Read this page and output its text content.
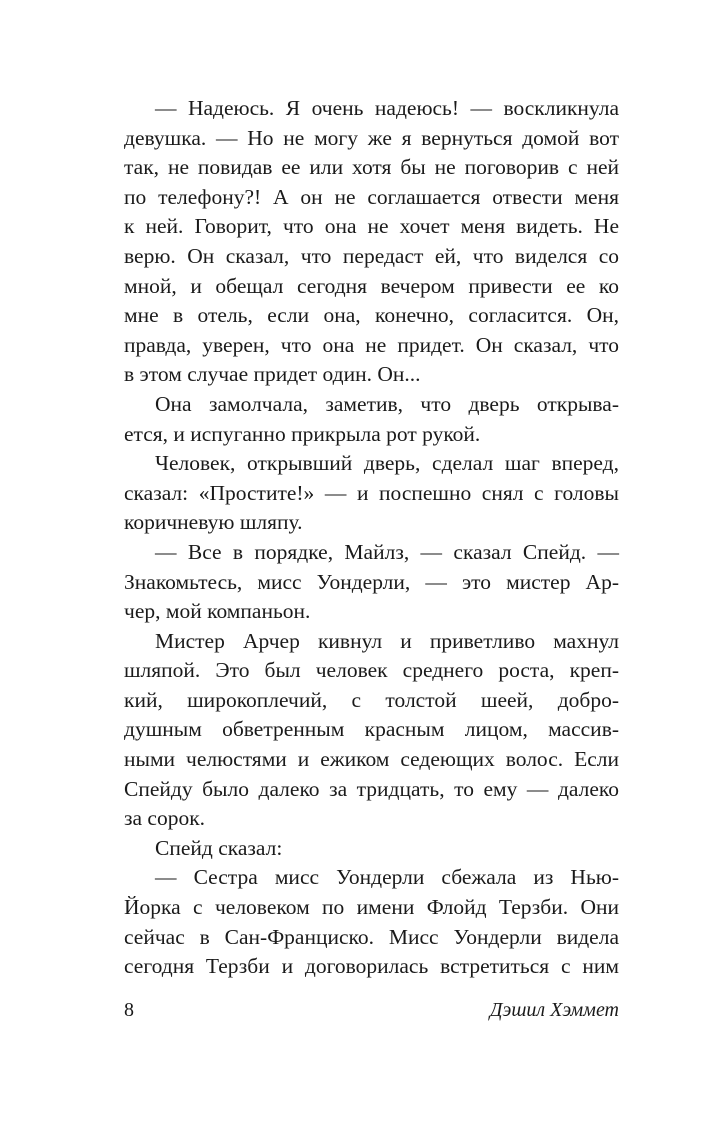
— Надеюсь. Я очень надеюсь! — воскликнула
девушка. — Но не могу же я вернуться домой вот
так, не повидав ее или хотя бы не поговорив с ней
по телефону?! А он не соглашается отвести меня
к ней. Говорит, что она не хочет меня видеть. Не
верю. Он сказал, что передаст ей, что виделся со
мной, и обещал сегодня вечером привести ее ко
мне в отель, если она, конечно, согласится. Он,
правда, уверен, что она не придет. Он сказал, что
в этом случае придет один. Он...
Она замолчала, заметив, что дверь открыва-
ется, и испуганно прикрыла рот рукой.
Человек, открывший дверь, сделал шаг вперед,
сказал: «Простите!» — и поспешно снял с головы
коричневую шляпу.
— Все в порядке, Майлз, — сказал Спейд. —
Знакомьтесь, мисс Уондерли, — это мистер Ар-
чер, мой компаньон.
Мистер Арчер кивнул и приветливо махнул
шляпой. Это был человек среднего роста, креп-
кий, широкоплечий, с толстой шеей, добро-
душным обветренным красным лицом, массив-
ными челюстями и ежиком седеющих волос. Если
Спейду было далеко за тридцать, то ему — далеко
за сорок.
Спейд сказал:
— Сестра мисс Уондерли сбежала из Нью-
Йорка с человеком по имени Флойд Терзби. Они
сейчас в Сан-Франциско. Мисс Уондерли видела
сегодня Терзби и договорилась встретиться с ним
8	Дэшил Хэммет
